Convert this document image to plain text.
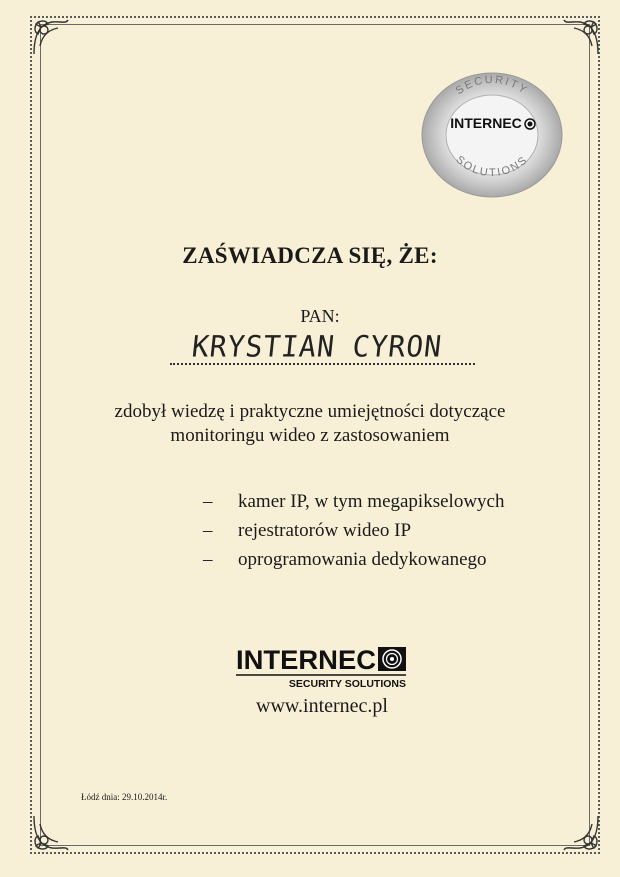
SECURITY
SOLUTIONS
INTERNEC
ZAŚWIADCZA SIĘ, ŻE:
PAN:
KRYSTIAN CYRON
zdobył wiedzę i praktyczne umiejętności dotyczące
monitoringu wideo z zastosowaniem
– kamer IP, w tym megapikselowych
– rejestratorów wideo IP
– oprogramowania dedykowanego
INTERNEC
SECURITY SOLUTIONS
www.internec.pl
Łódź dnia: 29.10.2014r.
